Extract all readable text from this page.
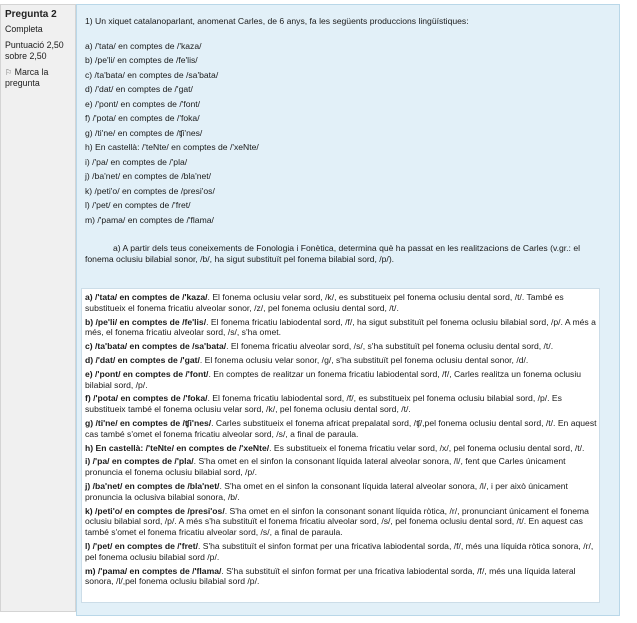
Pregunta 2
Completa
Puntuació 2,50
sobre 2,50
⚐ Marca la
pregunta
1) Un xiquet catalanoparlant, anomenat Carles, de 6 anys, fa les següents produccions lingüístiques:
a) /'tata/ en comptes de /'kaza/
b) /pe'li/ en comptes de /fe'lis/
c) /ta'bata/ en comptes de /sa'bata/
d) /'dat/ en comptes de /'gat/
e) /'pont/ en comptes de /'font/
f) /'pota/ en comptes de /'foka/
g) /ti'ne/ en comptes de /ʧi'nes/
h) En castellà: /'teNte/ en comptes de /'xeNte/
i) /'pa/ en comptes de /'pla/
j) /ba'net/ en comptes de /bla'net/
k) /peti'o/ en comptes de /presi'os/
l) /'pet/ en comptes de /'fret/
m) /'pama/ en comptes de /'flama/
a) A partir dels teus coneixements de Fonologia i Fonètica, determina què ha passat en les realitzacions de Carles (v.gr.: el fonema oclusiu bilabial sonor, /b/, ha sigut substituït pel fonema bilabial sord, /p/).
a) /'tata/ en comptes de /'kaza/. El fonema oclusiu velar sord, /k/, es substitueix pel fonema oclusiu dental sord, /t/. També es substitueix el fonema fricatiu alveolar sonor, /z/, pel fonema oclusiu dental sord, /t/.
b) /pe'li/ en comptes de /fe'lis/. El fonema fricatiu labiodental sord, /f/, ha sigut substituït pel fonema oclusiu bilabial sord, /p/. A més a més, el fonema fricatiu alveolar sord, /s/, s'ha omet.
c) /ta'bata/ en comptes de /sa'bata/. El fonema fricatiu alveolar sord, /s/, s'ha substituït pel fonema oclusiu dental sord, /t/.
d) /'dat/ en comptes de /'gat/. El fonema oclusiu velar sonor, /g/, s'ha substituït pel fonema oclusiu dental sonor, /d/.
e) /'pont/ en comptes de /'font/. En comptes de realitzar un fonema fricatiu labiodental sord, /f/, Carles realitza un fonema oclusiu bilabial sord, /p/.
f) /'pota/ en comptes de /'foka/. El fonema fricatiu labiodental sord, /f/, es substitueix pel fonema oclusiu bilabial sord, /p/. Es substitueix també el fonema oclusiu velar sord, /k/, pel fonema oclusiu dental sord, /t/.
g) /ti'ne/ en comptes de /ʧi'nes/. Carles substitueix el fonema africat prepalatal sord, /ʧ/,pel fonema oclusiu dental sord, /t/. En aquest cas també s'omet el fonema fricatiu alveolar sord, /s/, a final de paraula.
h) En castellà: /'teNte/ en comptes de /'xeNte/. Es substitueix el fonema fricatiu velar sord, /x/, pel fonema oclusiu dental sord, /t/.
i) /'pa/ en comptes de /'pla/. S'ha omet en el sinfon la consonant líquida lateral alveolar sonora, /l/, fent que Carles únicament pronuncia el fonema oclusiu bilabial sord, /p/.
j) /ba'net/ en comptes de /bla'net/. S'ha omet en el sinfon la consonant líquida lateral alveolar sonora, /l/, i per això únicament pronuncia la oclusiva bilabial sonora, /b/.
k) /peti'o/ en comptes de /presi'os/. S'ha omet en el sinfon la consonant sonant líquida ròtica, /r/, pronunciant únicament el fonema oclusiu bilabial sord, /p/. A més s'ha substituït el fonema fricatiu alveolar sord, /s/, pel fonema oclusiu dental sord, /t/. En aquest cas també s'omet el fonema fricatiu alveolar sord, /s/, a final de paraula.
l) /'pet/ en comptes de /'fret/. S'ha substituït el sinfon format per una fricativa labiodental sorda, /f/, més una líquida ròtica sonora, /r/, pel fonema oclusiu bilabial sord /p/.
m) /'pama/ en comptes de /'flama/. S'ha substituït el sinfon format per una fricativa labiodental sorda, /f/, més una líquida lateral sonora, /l/,pel fonema oclusiu bilabial sord /p/.
